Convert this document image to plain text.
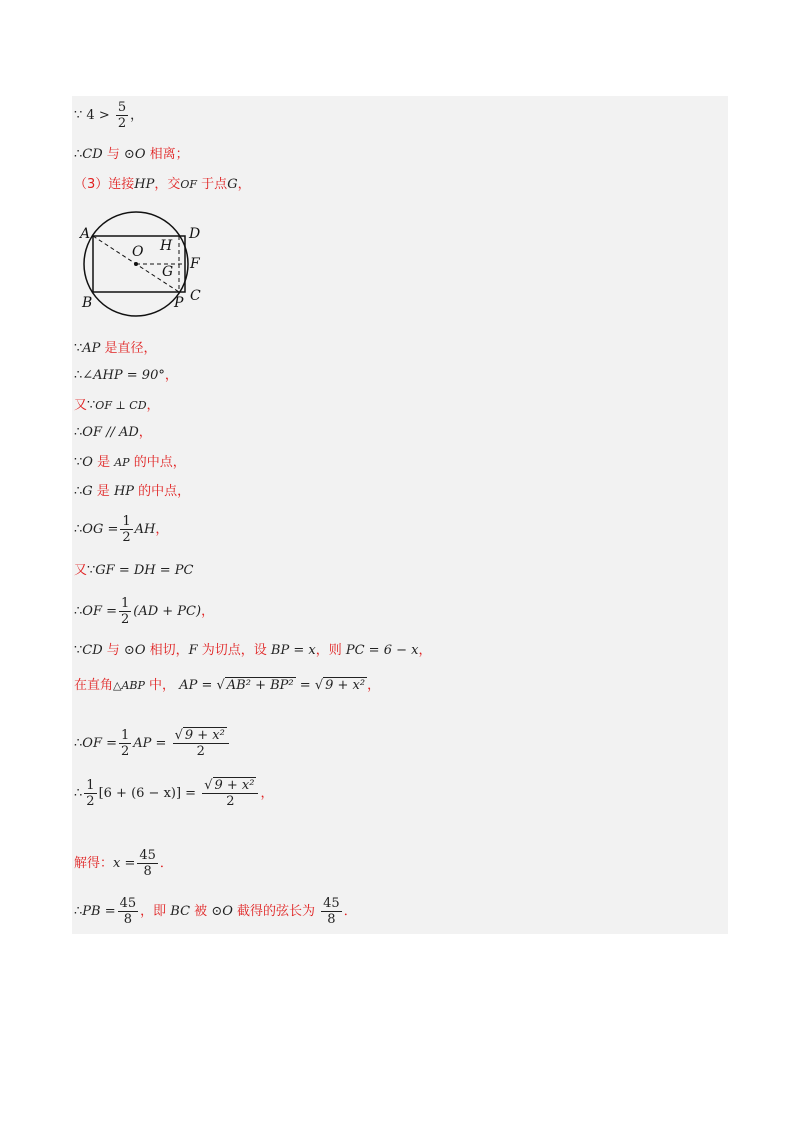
∵ $4 > \frac{5}{2}$ ，
∴CD 与 ⊙O 相离；
（3）连接HP，交OF 于点G，
A
B	C
D
O H
G F
P
∵AP 是直径，
∴∠AHP = 90°，
又∵OF ⊥ CD，
∴OF // AD，
∵O 是 AP 的中点，
∴G 是 HP 的中点，
∴OG = $\frac{1}{2}$ AH，
又∵GF = DH = PC
∴OF = $\frac{1}{2} (AD + PC)$，
∵CD 与 ⊙O 相切，F 为切点，设 BP = x，则 PC = 6 − x，
在直角△ABP 中， AP = √ AB² + BP² = √ 9 + x² ，
∴OF = $\frac{1}{2}$ AP = $\frac{\text{√ 9 + x²}}{2}$
∴ $\frac{1}{2} [6 + (6 - x)] = \frac{\text{√ 9 + x²}}{2}$ ，
解得：$x = \frac{45}{8}$ ．
∴PB = $\frac{45}{8}$ ，即 BC 被 ⊙O 截得的弦长为 $\frac{45}{8}$ ．
